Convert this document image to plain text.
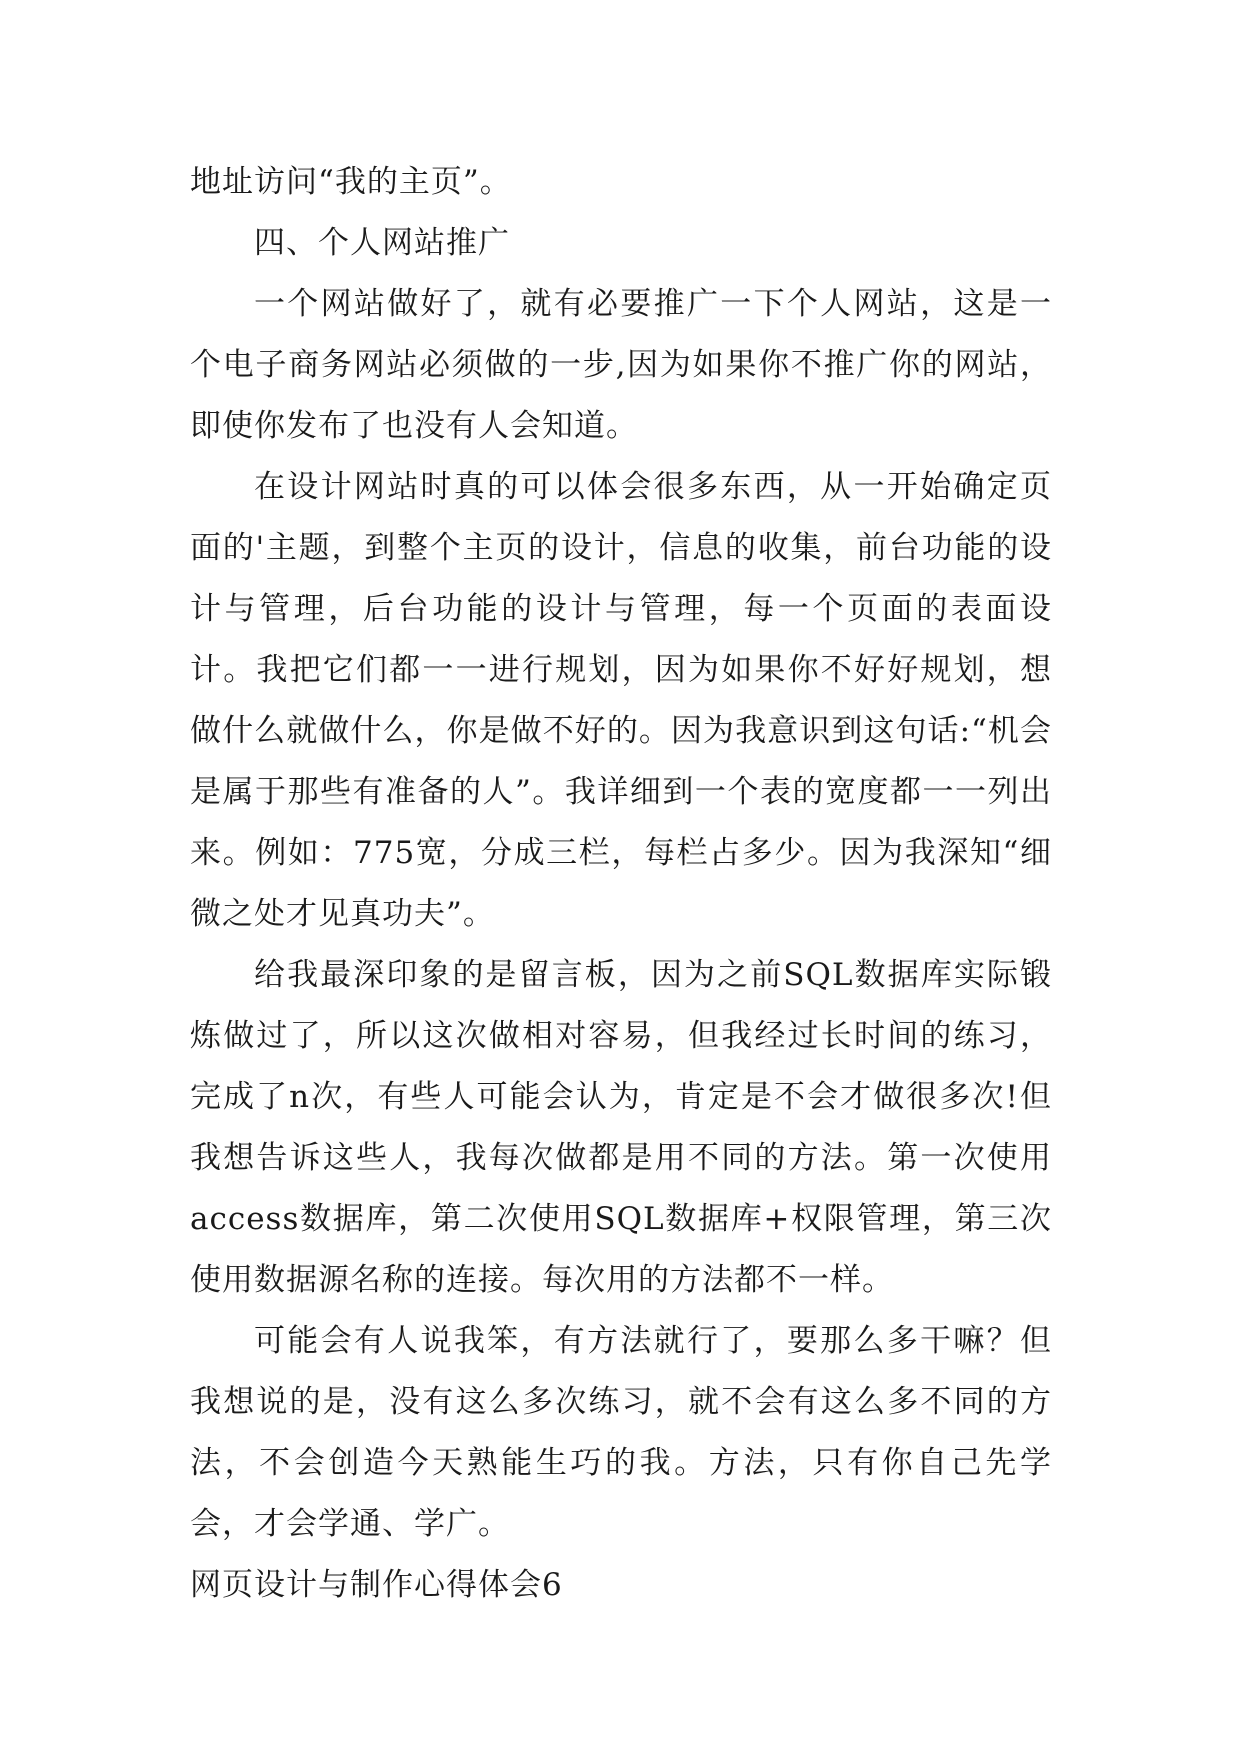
地址访问“我的主页”。

四、个人网站推广

一个网站做好了，就有必要推广一下个人网站，这是一个电子商务网站必须做的一步,因为如果你不推广你的网站，即使你发布了也没有人会知道。

在设计网站时真的可以体会很多东西，从一开始确定页面的'主题，到整个主页的设计，信息的收集，前台功能的设计与管理，后台功能的设计与管理，每一个页面的表面设计。我把它们都一一进行规划，因为如果你不好好规划，想做什么就做什么，你是做不好的。因为我意识到这句话:“机会是属于那些有准备的人”。我详细到一个表的宽度都一一列出来。例如：775宽，分成三栏，每栏占多少。因为我深知“细微之处才见真功夫”。

给我最深印象的是留言板，因为之前SQL数据库实际锻炼做过了，所以这次做相对容易，但我经过长时间的练习，完成了n次，有些人可能会认为，肯定是不会才做很多次!但我想告诉这些人，我每次做都是用不同的方法。第一次使用access数据库，第二次使用SQL数据库+权限管理，第三次使用数据源名称的连接。每次用的方法都不一样。

可能会有人说我笨，有方法就行了，要那么多干嘛？但我想说的是，没有这么多次练习，就不会有这么多不同的方法，不会创造今天熟能生巧的我。方法，只有你自己先学会，才会学通、学广。

网页设计与制作心得体会6
